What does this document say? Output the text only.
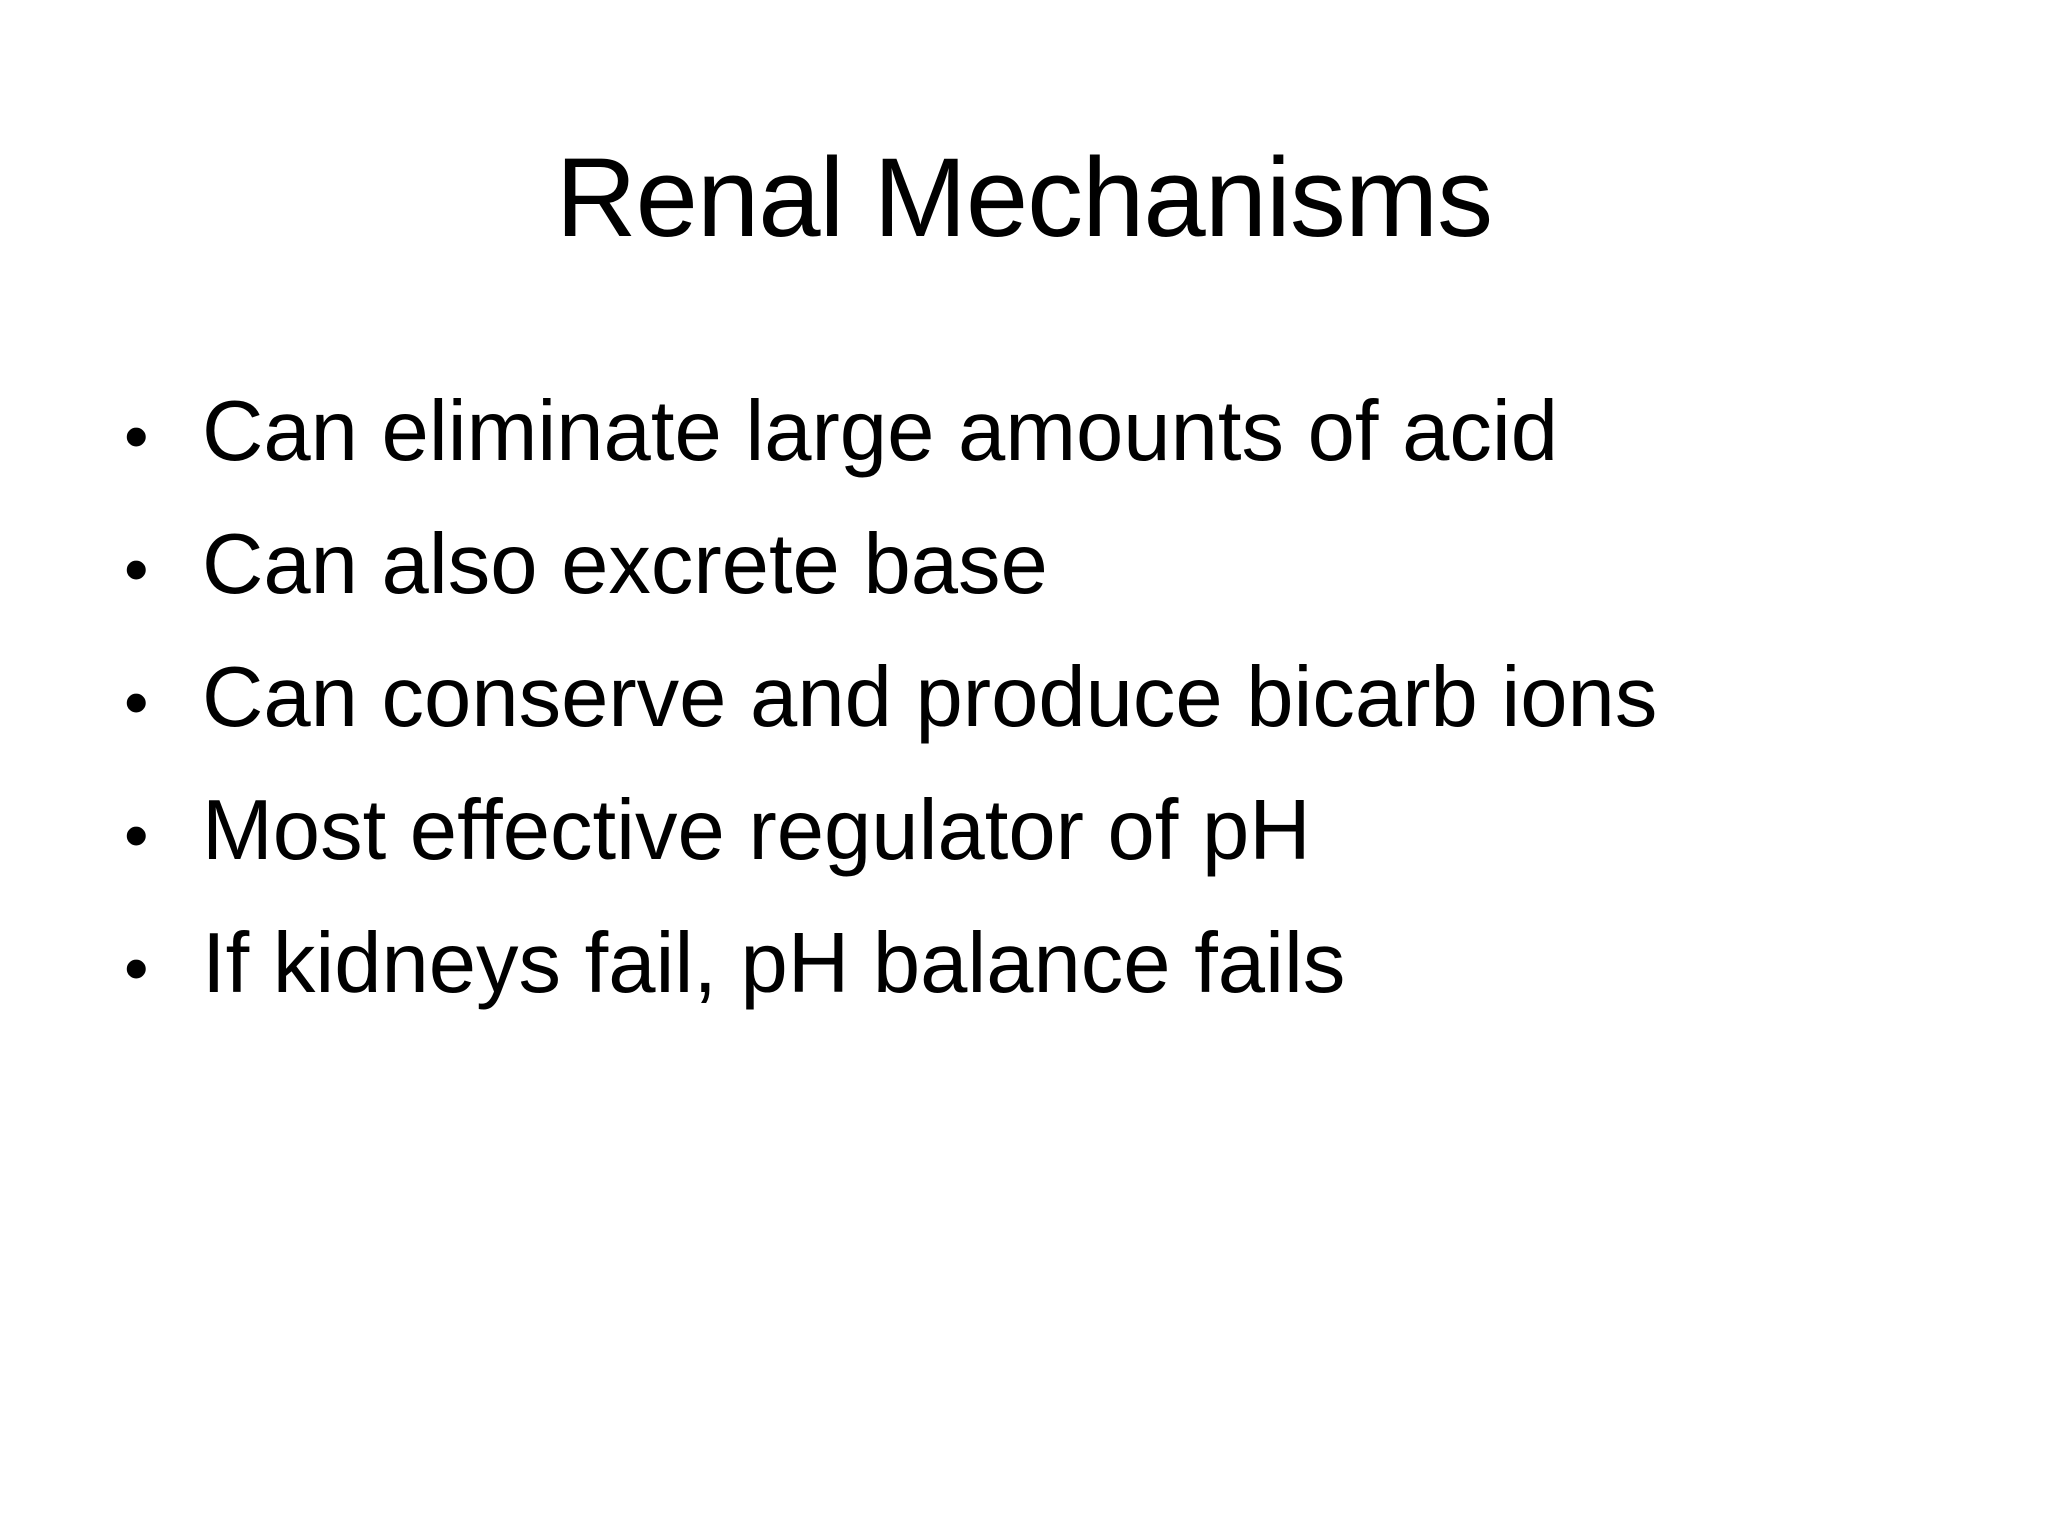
Renal Mechanisms
• Can eliminate large amounts of acid
• Can also excrete base
• Can conserve and produce bicarb ions
• Most effective regulator of pH
• If kidneys fail, pH balance fails
